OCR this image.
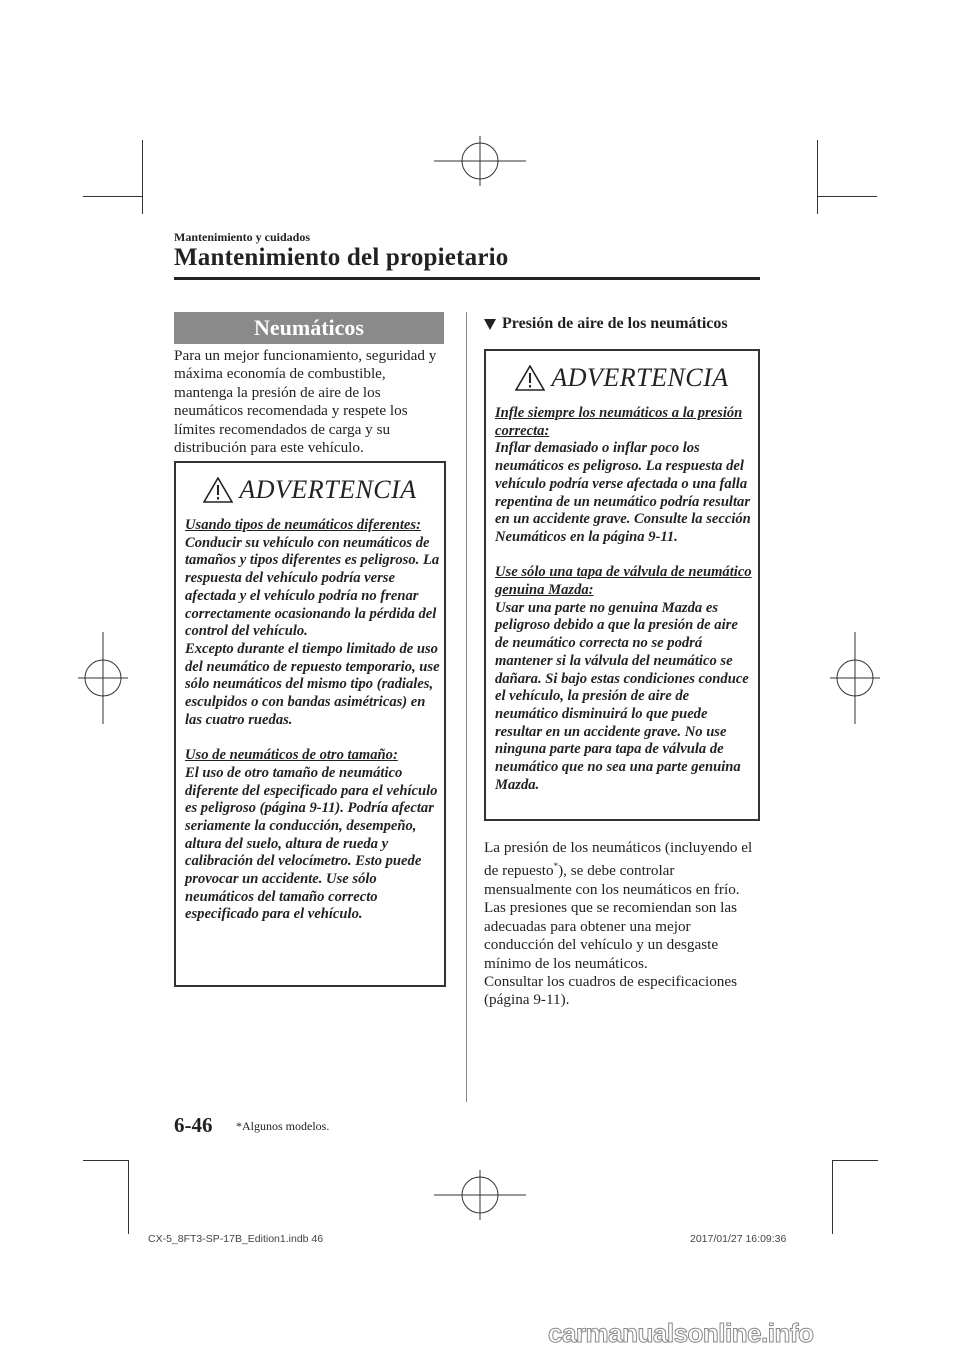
Mantenimiento y cuidados
Mantenimiento del propietario
Neumáticos
Para un mejor funcionamiento, seguridad y máxima economía de combustible, mantenga la presión de aire de los neumáticos recomendada y respete los límites recomendados de carga y su distribución para este vehículo.
ADVERTENCIA
Usando tipos de neumáticos diferentes:
Conducir su vehículo con neumáticos de tamaños y tipos diferentes es peligroso. La respuesta del vehículo podría verse afectada y el vehículo podría no frenar correctamente ocasionando la pérdida del control del vehículo.
Excepto durante el tiempo limitado de uso del neumático de repuesto temporario, use sólo neumáticos del mismo tipo (radiales, esculpidos o con bandas asimétricas) en las cuatro ruedas.
Uso de neumáticos de otro tamaño:
El uso de otro tamaño de neumático diferente del especificado para el vehículo es peligroso (página 9-11). Podría afectar seriamente la conducción, desempeño, altura del suelo, altura de rueda y calibración del velocímetro. Esto puede provocar un accidente. Use sólo neumáticos del tamaño correcto especificado para el vehículo.
Presión de aire de los neumáticos
ADVERTENCIA
Infle siempre los neumáticos a la presión correcta:
Inflar demasiado o inflar poco los neumáticos es peligroso. La respuesta del vehículo podría verse afectada o una falla repentina de un neumático podría resultar en un accidente grave. Consulte la sección Neumáticos en la página 9-11.
Use sólo una tapa de válvula de neumático genuina Mazda:
Usar una parte no genuina Mazda es peligroso debido a que la presión de aire de neumático correcta no se podrá mantener si la válvula del neumático se dañara. Si bajo estas condiciones conduce el vehículo, la presión de aire de neumático disminuirá lo que puede resultar en un accidente grave. No use ninguna parte para tapa de válvula de neumático que no sea una parte genuina Mazda.
La presión de los neumáticos (incluyendo el de repuesto*), se debe controlar mensualmente con los neumáticos en frío. Las presiones que se recomiendan son las adecuadas para obtener una mejor conducción del vehículo y un desgaste mínimo de los neumáticos.
Consultar los cuadros de especificaciones (página 9-11).
6-46 *Algunos modelos.
CX-5_8FT3-SP-17B_Edition1.indb 46	2017/01/27 16:09:36
carmanualsonline.info
